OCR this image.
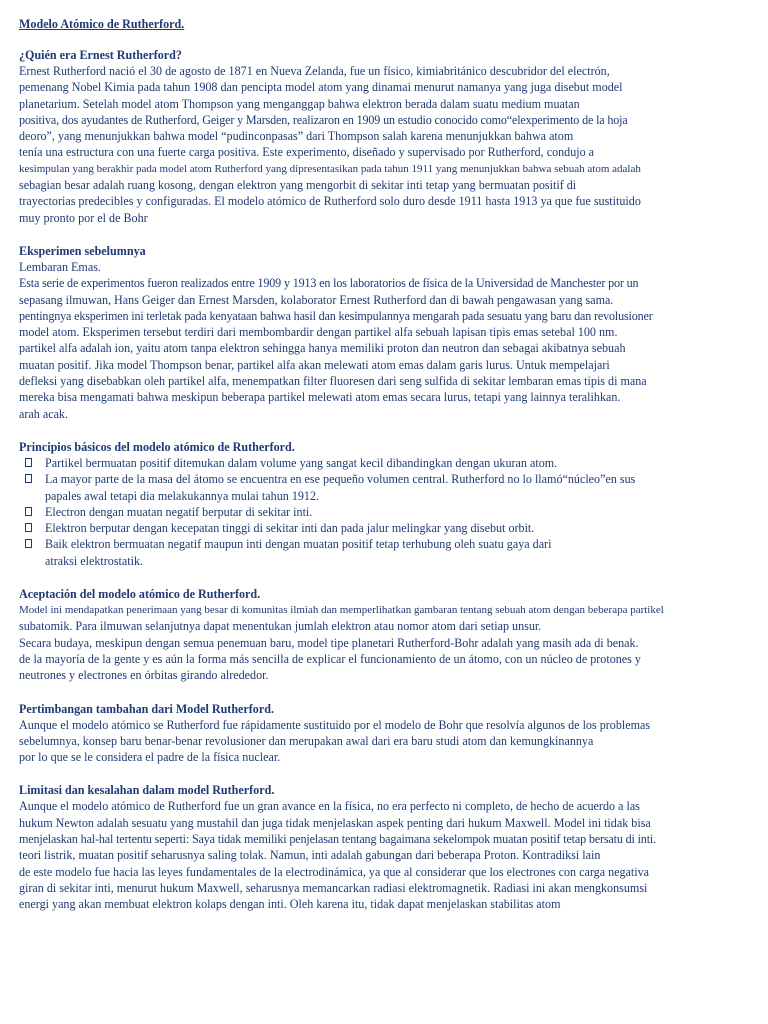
Modelo Atómico de Rutherford.

¿Quién era Ernest Rutherford?

Ernest Rutherford nació el 30 de agosto de 1871 en Nueva Zelanda, fue un físico, kimiabritánico descubridor del electrón,

pemenang Nobel Kimia pada tahun 1908 dan pencipta model atom yang dinamai menurut namanya yang juga disebut model

planetarium. Setelah model atom Thompson yang menganggap bahwa elektron berada dalam suatu medium muatan

positiva, dos ayudantes de Rutherford, Geiger y Marsden, realizaron en 1909 un estudio conocido como“elexperimento de la hoja

deoro”, yang menunjukkan bahwa model “pudinconpasas” dari Thompson salah karena menunjukkan bahwa atom

tenía una estructura con una fuerte carga positiva. Este experimento, diseñado y supervisado por Rutherford, condujo a

kesimpulan yang berakhir pada model atom Rutherford yang dipresentasikan pada tahun 1911 yang menunjukkan bahwa sebuah atom adalah

sebagian besar adalah ruang kosong, dengan elektron yang mengorbit di sekitar inti tetap yang bermuatan positif di

trayectorias predecibles y configuradas. El modelo atómico de Rutherford solo duro desde 1911 hasta 1913 ya que fue sustituido

muy pronto por el de Bohr

Eksperimen sebelumnya

Lembaran Emas.

Esta serie de experimentos fueron realizados entre 1909 y 1913 en los laboratorios de física de la Universidad de Manchester por un

sepasang ilmuwan, Hans Geiger dan Ernest Marsden, kolaborator Ernest Rutherford dan di bawah pengawasan yang sama.

pentingnya eksperimen ini terletak pada kenyataan bahwa hasil dan kesimpulannya mengarah pada sesuatu yang baru dan revolusioner

model atom. Eksperimen tersebut terdiri dari membombardir dengan partikel alfa sebuah lapisan tipis emas setebal 100 nm.

partikel alfa adalah ion, yaitu atom tanpa elektron sehingga hanya memiliki proton dan neutron dan sebagai akibatnya sebuah

muatan positif. Jika model Thompson benar, partikel alfa akan melewati atom emas dalam garis lurus. Untuk mempelajari

defleksi yang disebabkan oleh partikel alfa, menempatkan filter fluoresen dari seng sulfida di sekitar lembaran emas tipis di mana

mereka bisa mengamati bahwa meskipun beberapa partikel melewati atom emas secara lurus, tetapi yang lainnya teralihkan.

arah acak.

Principios básicos del modelo atómico de Rutherford.
Partikel bermuatan positif ditemukan dalam volume yang sangat kecil dibandingkan dengan ukuran atom.
La mayor parte de la masa del átomo se encuentra en ese pequeño volumen central. Rutherford no lo llamó“núcleo”en sus
papales awal tetapi dia melakukannya mulai tahun 1912.
Electron dengan muatan negatif berputar di sekitar inti.
Elektron berputar dengan kecepatan tinggi di sekitar inti dan pada jalur melingkar yang disebut orbit.
Baik elektron bermuatan negatif maupun inti dengan muatan positif tetap terhubung oleh suatu gaya dari
atraksi elektrostatik.
Aceptación del modelo atómico de Rutherford.

Model ini mendapatkan penerimaan yang besar di komunitas ilmiah dan memperlihatkan gambaran tentang sebuah atom dengan beberapa partikel

subatomik. Para ilmuwan selanjutnya dapat menentukan jumlah elektron atau nomor atom dari setiap unsur.

Secara budaya, meskipun dengan semua penemuan baru, model tipe planetari Rutherford-Bohr adalah yang masih ada di benak.

de la mayoría de la gente y es aún la forma más sencilla de explicar el funcionamiento de un átomo, con un núcleo de protones y

neutrones y electrones en órbitas girando alrededor.

Pertimbangan tambahan dari Model Rutherford.

Aunque el modelo atómico se Rutherford fue rápidamente sustituido por el modelo de Bohr que resolvía algunos de los problemas

sebelumnya, konsep baru benar-benar revolusioner dan merupakan awal dari era baru studi atom dan kemungkinannya

por lo que se le considera el padre de la física nuclear.

Limitasi dan kesalahan dalam model Rutherford.

Aunque el modelo atómico de Rutherford fue un gran avance en la física, no era perfecto ni completo, de hecho de acuerdo a las

hukum Newton adalah sesuatu yang mustahil dan juga tidak menjelaskan aspek penting dari hukum Maxwell. Model ini tidak bisa

menjelaskan hal-hal tertentu seperti: Saya tidak memiliki penjelasan tentang bagaimana sekelompok muatan positif tetap bersatu di inti.

teori listrik, muatan positif seharusnya saling tolak. Namun, inti adalah gabungan dari beberapa Proton. Kontradiksi lain

de este modelo fue hacia las leyes fundamentales de la electrodinámica, ya que al considerar que los electrones con carga negativa

giran di sekitar inti, menurut hukum Maxwell, seharusnya memancarkan radiasi elektromagnetik. Radiasi ini akan mengkonsumsi

energi yang akan membuat elektron kolaps dengan inti. Oleh karena itu, tidak dapat menjelaskan stabilitas atom
